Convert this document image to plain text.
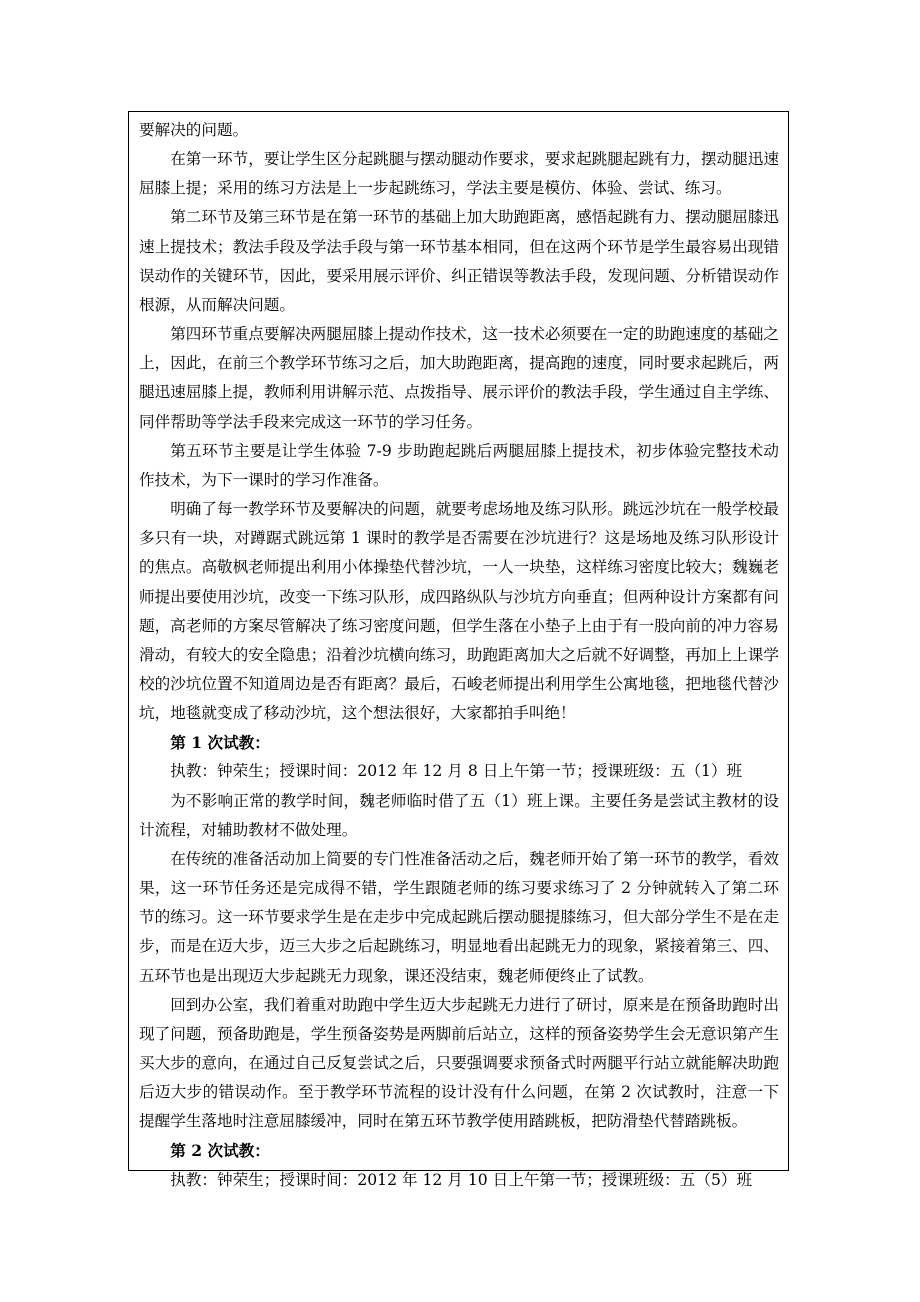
要解决的问题。

在第一环节，要让学生区分起跳腿与摆动腿动作要求，要求起跳腿起跳有力，摆动腿迅速屈膝上提；采用的练习方法是上一步起跳练习，学法主要是模仿、体验、尝试、练习。

第二环节及第三环节是在第一环节的基础上加大助跑距离，感悟起跳有力、摆动腿屈膝迅速上提技术；教法手段及学法手段与第一环节基本相同，但在这两个环节是学生最容易出现错误动作的关键环节，因此，要采用展示评价、纠正错误等教法手段，发现问题、分析错误动作根源，从而解决问题。

第四环节重点要解决两腿屈膝上提动作技术，这一技术必须要在一定的助跑速度的基础之上，因此，在前三个教学环节练习之后，加大助跑距离，提高跑的速度，同时要求起跳后，两腿迅速屈膝上提，教师利用讲解示范、点拨指导、展示评价的教法手段，学生通过自主学练、同伴帮助等学法手段来完成这一环节的学习任务。

第五环节主要是让学生体验 7-9 步助跑起跳后两腿屈膝上提技术，初步体验完整技术动作技术，为下一课时的学习作准备。

明确了每一教学环节及要解决的问题，就要考虑场地及练习队形。跳远沙坑在一般学校最多只有一块，对蹲踞式跳远第 1 课时的教学是否需要在沙坑进行？这是场地及练习队形设计的焦点。高敬枫老师提出利用小体操垫代替沙坑，一人一块垫，这样练习密度比较大；魏巍老师提出要使用沙坑，改变一下练习队形，成四路纵队与沙坑方向垂直；但两种设计方案都有问题，高老师的方案尽管解决了练习密度问题，但学生落在小垫子上由于有一股向前的冲力容易滑动，有较大的安全隐患；沿着沙坑横向练习，助跑距离加大之后就不好调整，再加上上课学校的沙坑位置不知道周边是否有距离？最后，石峻老师提出利用学生公寓地毯，把地毯代替沙坑，地毯就变成了移动沙坑，这个想法很好，大家都拍手叫绝！

第 1 次试教：

执教：钟荣生；授课时间：2012 年 12 月 8 日上午第一节；授课班级：五（1）班

为不影响正常的教学时间，魏老师临时借了五（1）班上课。主要任务是尝试主教材的设计流程，对辅助教材不做处理。

在传统的准备活动加上简要的专门性准备活动之后，魏老师开始了第一环节的教学，看效果，这一环节任务还是完成得不错，学生跟随老师的练习要求练习了 2 分钟就转入了第二环节的练习。这一环节要求学生是在走步中完成起跳后摆动腿提膝练习，但大部分学生不是在走步，而是在迈大步，迈三大步之后起跳练习，明显地看出起跳无力的现象，紧接着第三、四、五环节也是出现迈大步起跳无力现象，课还没结束，魏老师便终止了试教。

回到办公室，我们着重对助跑中学生迈大步起跳无力进行了研讨，原来是在预备助跑时出现了问题，预备助跑是，学生预备姿势是两脚前后站立，这样的预备姿势学生会无意识第产生买大步的意向，在通过自己反复尝试之后，只要强调要求预备式时两腿平行站立就能解决助跑后迈大步的错误动作。至于教学环节流程的设计没有什么问题，在第 2 次试教时，注意一下提醒学生落地时注意屈膝缓冲，同时在第五环节教学使用踏跳板，把防滑垫代替踏跳板。

第 2 次试教：

执教：钟荣生；授课时间：2012 年 12 月 10 日上午第一节；授课班级：五（5）班
